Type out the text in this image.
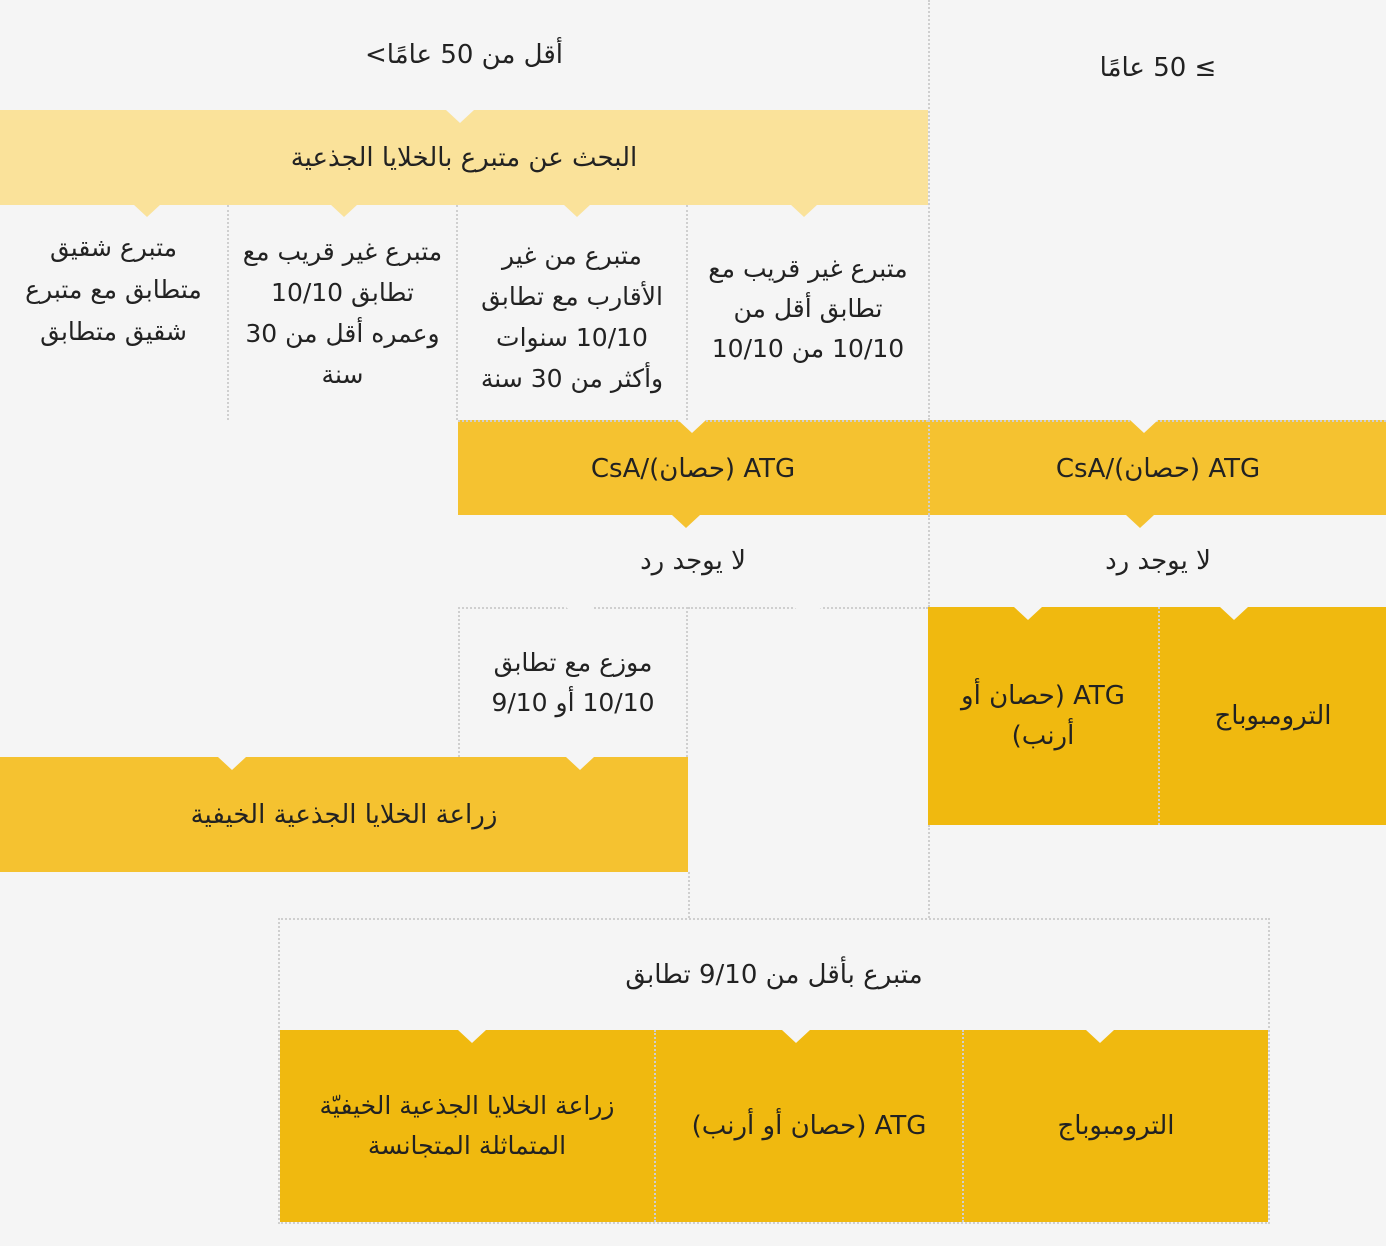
أقل من 50 عامًا>	≥ 50 عامًا
البحث عن متبرع بالخلايا الجذعية
متبرع شقيق متطابق مع متبرع شقيق متطابق
متبرع غير قريب مع تطابق 10/10 وعمره أقل من 30 سنة
متبرع من غير الأقارب مع تطابق 10/10 سنوات وأكثر من 30 سنة
متبرع غير قريب مع تطابق أقل من 10/10 من 10/10
ATG (حصان)/CsA	ATG (حصان)/CsA
لا يوجد رد	لا يوجد رد
موزع مع تطابق 10/10 أو 9/10	الترومبوباج
ATG (حصان أو أرنب)
زراعة الخلايا الجذعية الخيفية
متبرع بأقل من 9/10 تطابق
زراعة الخلايا الجذعية الخيفيّة المتماثلة المتجانسة
ATG (حصان أو أرنب)	الترومبوباج
